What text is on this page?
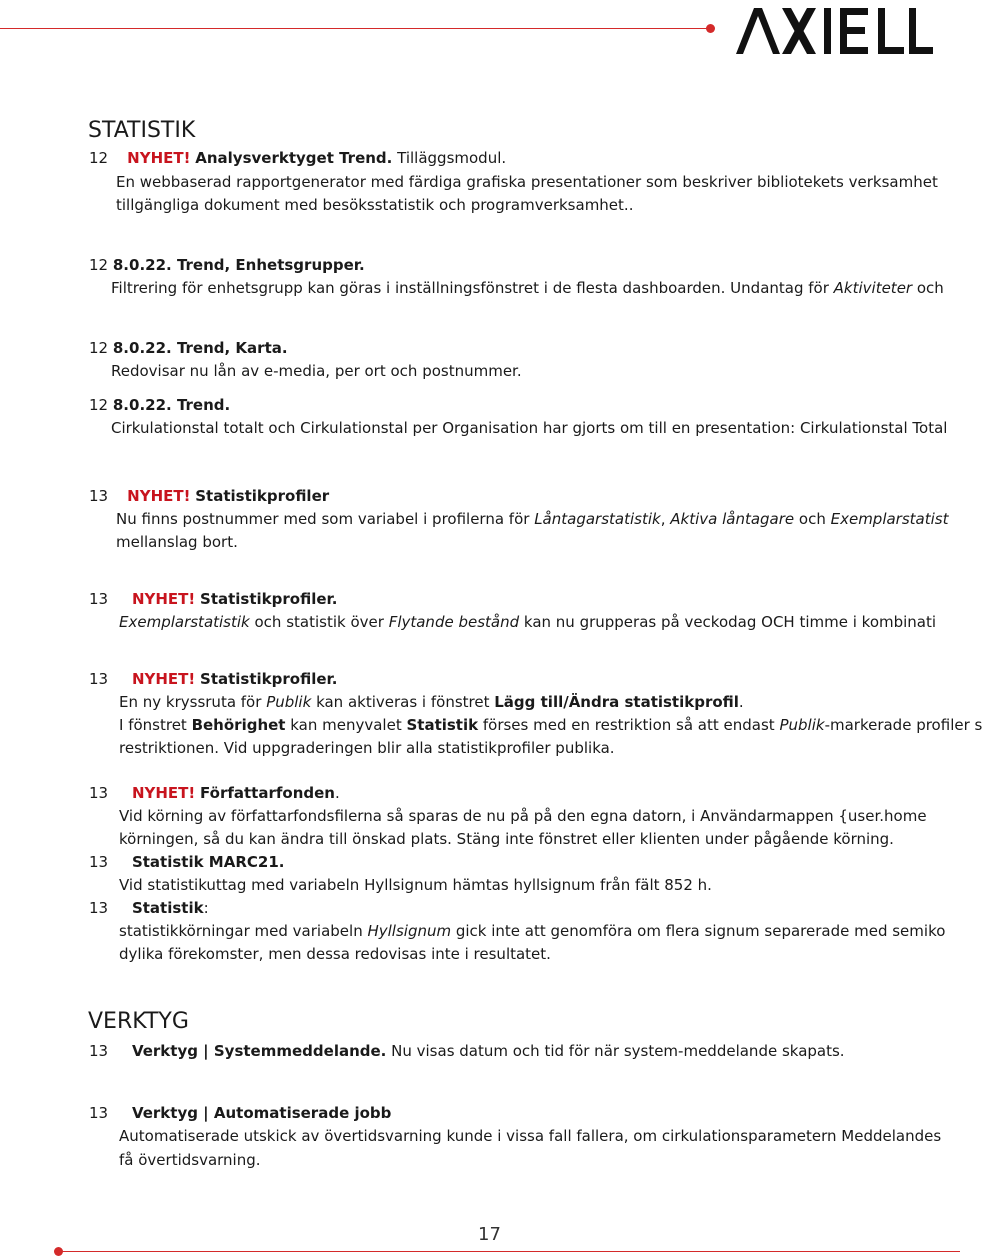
STATISTIK
12 NYHET! Analysverktyget Trend. Tilläggsmodul.
En webbaserad rapportgenerator med färdiga grafiska presentationer som beskriver bibliotekets verksamhet
tillgängliga dokument med besöksstatistik och programverksamhet..
12 8.0.22. Trend, Enhetsgrupper.
Filtrering för enhetsgrupp kan göras i inställningsfönstret i de flesta dashboarden. Undantag för Aktiviteter och
12 8.0.22. Trend, Karta.
Redovisar nu lån av e-media, per ort och postnummer.
12 8.0.22. Trend.
Cirkulationstal totalt och Cirkulationstal per Organisation har gjorts om till en presentation: Cirkulationstal Total
13 NYHET! Statistikprofiler
Nu finns postnummer med som variabel i profilerna för Låntagarstatistik, Aktiva låntagare och Exemplarstatist
mellanslag bort.
13 NYHET! Statistikprofiler.
Exemplarstatistik och statistik över Flytande bestånd kan nu grupperas på veckodag OCH timme i kombinati
13 NYHET! Statistikprofiler.
En ny kryssruta för Publik kan aktiveras i fönstret Lägg till/Ändra statistikprofil.
I fönstret Behörighet kan menyvalet Statistik förses med en restriktion så att endast Publik-markerade profiler s
restriktionen. Vid uppgraderingen blir alla statistikprofiler publika.
13 NYHET! Författarfonden.
Vid körning av författarfondsfilerna så sparas de nu på på den egna datorn, i Användarmappen {user.home
körningen, så du kan ändra till önskad plats. Stäng inte fönstret eller klienten under pågående körning.
13 Statistik MARC21.
Vid statistikuttag med variabeln Hyllsignum hämtas hyllsignum från fält 852 h.
13 Statistik:
statistikkörningar med variabeln Hyllsignum gick inte att genomföra om flera signum separerade med semiko
dylika förekomster, men dessa redovisas inte i resultatet.
VERKTYG
13 Verktyg | Systemmeddelande. Nu visas datum och tid för när system-meddelande skapats.
13 Verktyg | Automatiserade jobb
Automatiserade utskick av övertidsvarning kunde i vissa fall fallera, om cirkulationsparametern Meddelandes
få övertidsvarning.
17
